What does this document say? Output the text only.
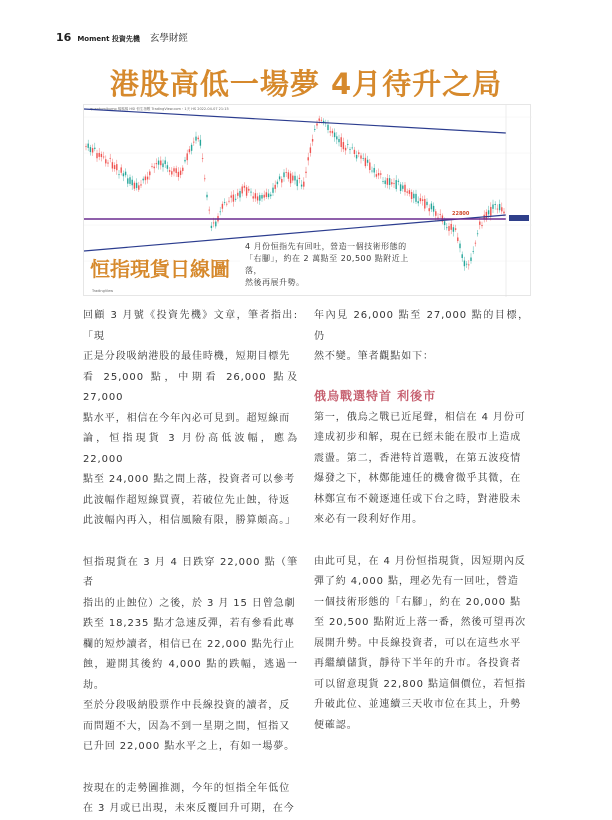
16 Moment 投資先機 玄學財經
港股高低一場夢 4月待升之局
quantum/kumo 嗎嗎嗎 HSI 恒生指數 TradingView.com・1天 HS 2022-04-07 21:15
22800
TradingView
恒指現貨日線圖

4 月份恒指先有回吐，營造一個技術形態的

「右腳」，約在 2 萬點至 20,500 點附近上落，

然後再展升勢。

回顧 3 月號《投資先機》文章，筆者指出:「現

正是分段吸納港股的最佳時機，短期目標先

看 25,000 點，中期看 26,000 點及 27,000

點水平，相信在今年內必可見到。超短線而

論，恒指現貨 3 月份高低波幅，應為 22,000

點至 24,000 點之間上落，投資者可以參考

此波幅作超短線買賣，若破位先止蝕，待返

此波幅內再入，相信風險有限，勝算頗高。」

恒指現貨在 3 月 4 日跌穿 22,000 點（筆者

指出的止蝕位）之後，於 3 月 15 日曾急劇

跌至 18,235 點才急速反彈，若有參看此專

欄的短炒讀者，相信已在 22,000 點先行止

蝕，避開其後約 4,000 點的跌幅，逃過一劫。

至於分段吸納股票作中長線投資的讀者，反

而問題不大，因為不到一星期之間，恒指又

已升回 22,000 點水平之上，有如一場夢。

按現在的走勢圖推測，今年的恒指全年低位

在 3 月或已出現，未來反覆回升可期，在今

年內見 26,000 點至 27,000 點的目標，仍

然不變。筆者觀點如下：

俄烏戰選特首 利後市

第一，俄烏之戰已近尾聲，相信在 4 月份可

達成初步和解，現在已經未能在股市上造成

震盪。第二，香港特首選戰，在第五波疫情

爆發之下，林鄭能連任的機會微乎其微，在

林鄭宣布不競逐連任或下台之時，對港股未

來必有一段利好作用。

由此可見，在 4 月份恒指現貨，因短期內反

彈了約 4,000 點，理必先有一回吐，營造

一個技術形態的「右腳」，約在 20,000 點

至 20,500 點附近上落一番，然後可望再次

展開升勢。中長線投資者，可以在這些水平

再繼續儲貨，靜待下半年的升市。各投資者

可以留意現貨 22,800 點這個價位，若恒指

升破此位、並連續三天收市位在其上，升勢

便確認。
